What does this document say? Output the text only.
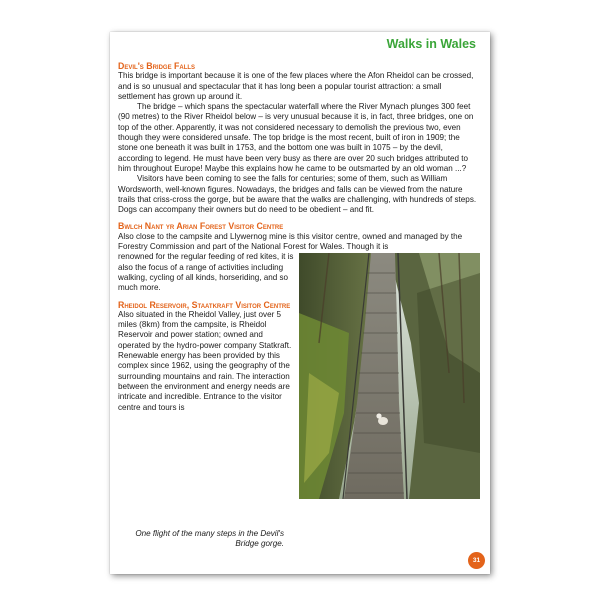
Walks in Wales
Devil's Bridge Falls

This bridge is important because it is one of the few places where the Afon Rheidol can be crossed, and is so unusual and spectacular that it has long been a popular tourist attraction: a small settlement has grown up around it.

The bridge – which spans the spectacular waterfall where the River Mynach plunges 300 feet (90 metres) to the River Rheidol below – is very unusual because it is, in fact, three bridges, one on top of the other. Apparently, it was not considered necessary to demolish the previous two, even though they were considered unsafe. The top bridge is the most recent, built of iron in 1909; the stone one beneath it was built in 1753, and the bottom one was built in 1075 – by the devil, according to legend. He must have been very busy as there are over 20 such bridges attributed to him throughout Europe! Maybe this explains how he came to be outsmarted by an old woman ...?

Visitors have been coming to see the falls for centuries; some of them, such as William Wordsworth, well-known figures. Nowadays, the bridges and falls can be viewed from the nature trails that criss-cross the gorge, but be aware that the walks are challenging, with hundreds of steps. Dogs can accompany their owners but do need to be obedient – and fit.

Bwlch Nant yr Arian Forest Visitor Centre

Also close to the campsite and Llywernog mine is this visitor centre, owned and managed by the Forestry Commission and part of the National Forest for Wales. Though it is

renowned for the regular feeding of red kites, it is also the focus of a range of activities including walking, cycling of all kinds, horseriding, and so much more.

Rheidol Reservoir, Staatkraft Visitor Centre

Also situated in the Rheidol Valley, just over 5 miles (8km) from the campsite, is Rheidol Reservoir and power station; owned and operated by the hydro-power company Statkraft. Renewable energy has been provided by this complex since 1962, using the geography of the surrounding mountains and rain. The interaction between the environment and energy needs are intricate and incredible. Entrance to the visitor centre and tours is

One flight of the many steps in the Devil's Bridge gorge.
31
